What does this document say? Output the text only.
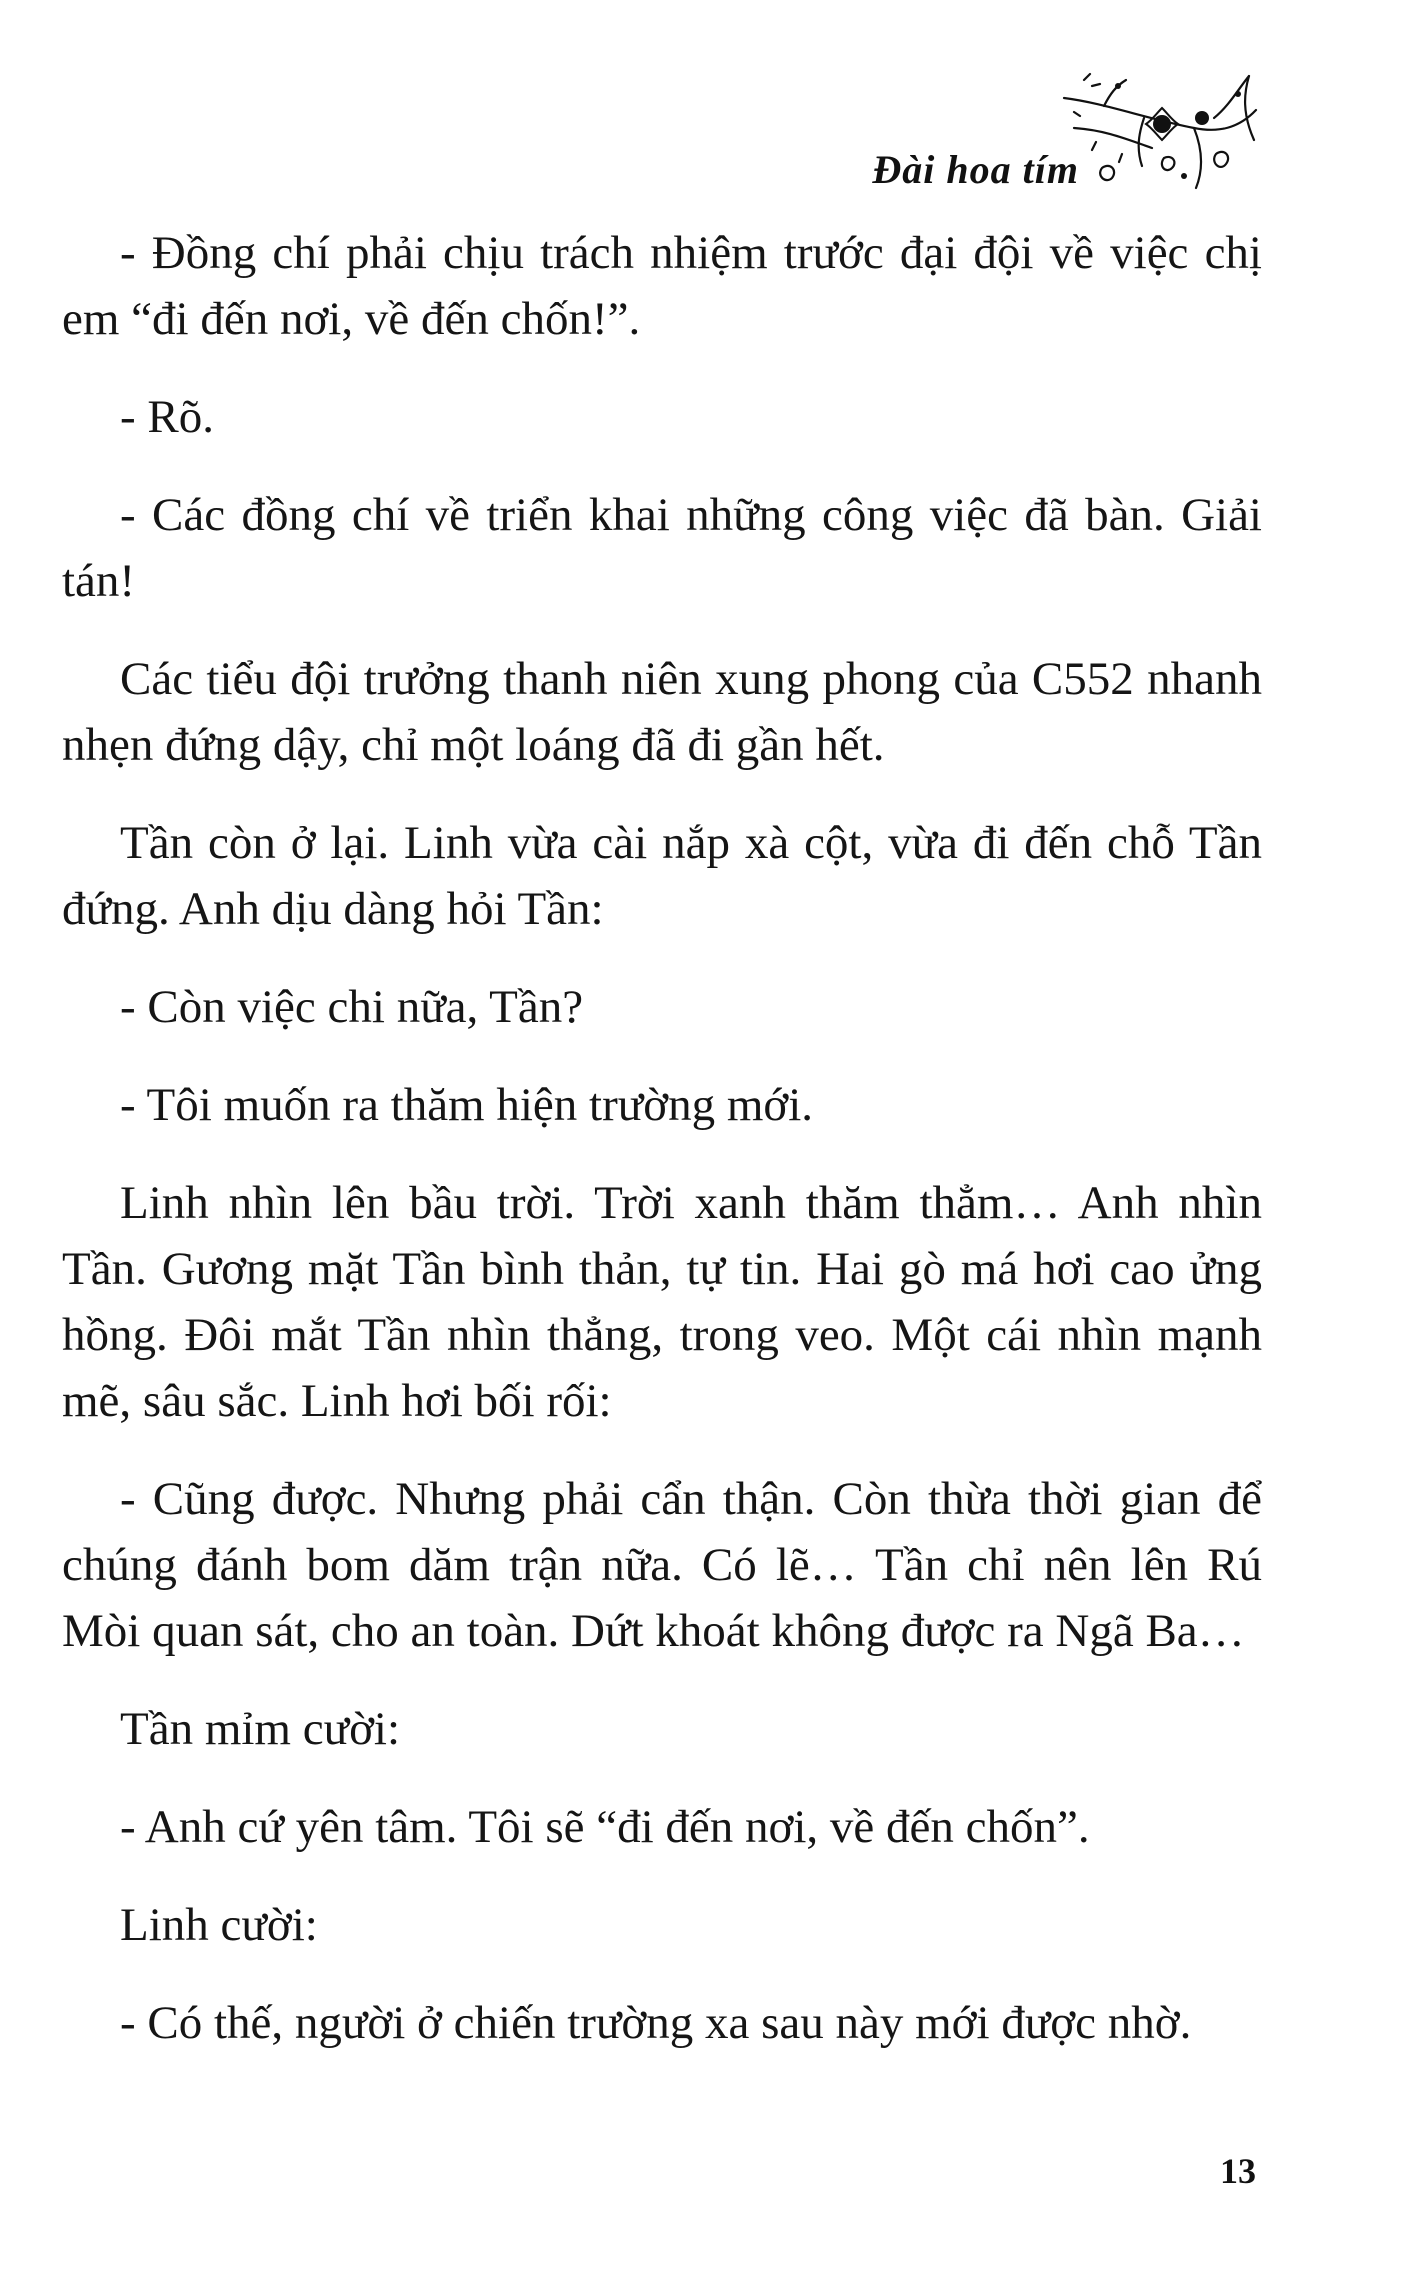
Đài hoa tím

- Đồng chí phải chịu trách nhiệm trước đại đội về việc chị em “đi đến nơi, về đến chốn!”.

- Rõ.

- Các đồng chí về triển khai những công việc đã bàn. Giải tán!

Các tiểu đội trưởng thanh niên xung phong của C552 nhanh nhẹn đứng dậy, chỉ một loáng đã đi gần hết.

Tần còn ở lại. Linh vừa cài nắp xà cột, vừa đi đến chỗ Tần đứng. Anh dịu dàng hỏi Tần:

- Còn việc chi nữa, Tần?

- Tôi muốn ra thăm hiện trường mới.

Linh nhìn lên bầu trời. Trời xanh thăm thẳm… Anh nhìn Tần. Gương mặt Tần bình thản, tự tin. Hai gò má hơi cao ửng hồng. Đôi mắt Tần nhìn thẳng, trong veo. Một cái nhìn mạnh mẽ, sâu sắc. Linh hơi bối rối:

- Cũng được. Nhưng phải cẩn thận. Còn thừa thời gian để chúng đánh bom dăm trận nữa. Có lẽ… Tần chỉ nên lên Rú Mòi quan sát, cho an toàn. Dứt khoát không được ra Ngã Ba…

Tần mỉm cười:

- Anh cứ yên tâm. Tôi sẽ “đi đến nơi, về đến chốn”.

Linh cười:

- Có thế, người ở chiến trường xa sau này mới được nhờ.

13
